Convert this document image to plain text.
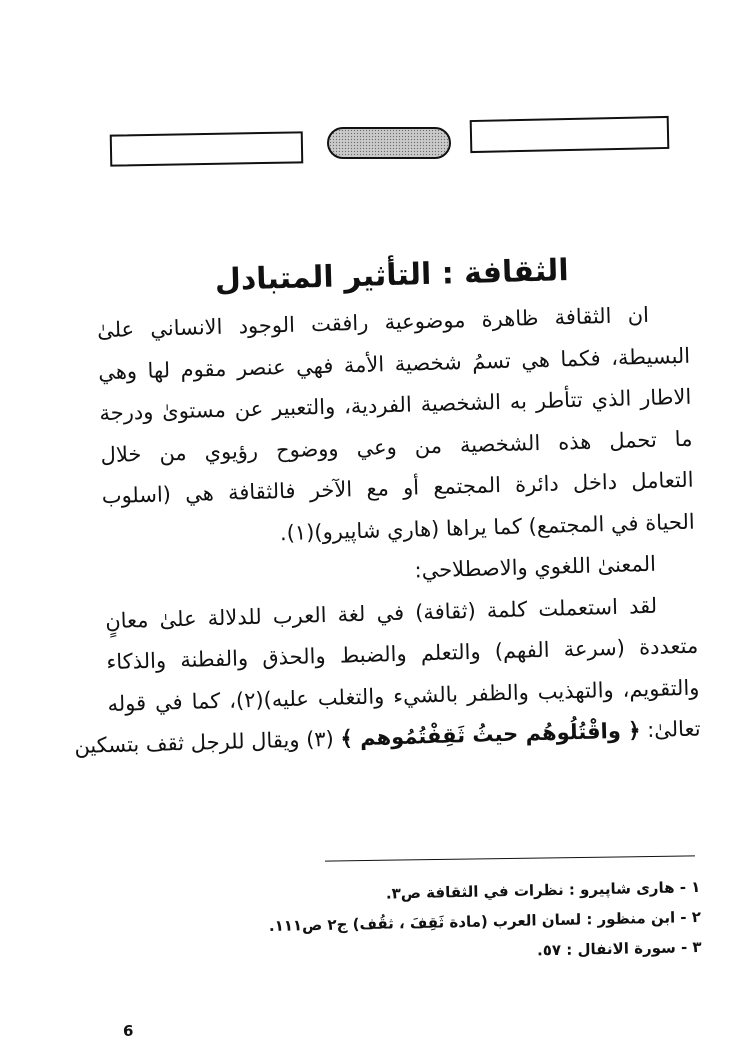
الثقافة : التأثير المتبادل

ان الثقافة ظاهرة موضوعية رافقت الوجود الانساني علىٰ

البسيطة، فكما هي تسمُ شخصية الأمة فهي عنصر مقوم لها وهي

الاطار الذي تتأطر به الشخصية الفردية، والتعبير عن مستوىٰ ودرجة

ما تحمل هذه الشخصية من وعي ووضوح رؤيوي من خلال

التعامل داخل دائرة المجتمع أو مع الآخر فالثقافة هي (اسلوب

الحياة في المجتمع) كما يراها (هاري شاپيرو)(١).

المعنىٰ اللغوي والاصطلاحي:

لقد استعملت كلمة (ثقافة) في لغة العرب للدلالة علىٰ معانٍ

متعددة (سرعة الفهم) والتعلم والضبط والحذق والفطنة والذكاء

والتقويم، والتهذيب والظفر بالشيء والتغلب عليه)(٢)، كما في قوله

تعالىٰ: ﴿ واقْتُلُوهُم حيثُ ثَقِفْتُمُوهم ﴾ (٣) ويقال للرجل ثقف بتسكين

١ - هارى شاپيرو : نظرات في الثقافة ص٣.

٢ - ابن منظور : لسان العرب (مادة ثَقِفَ ، ثقُف) ج٢ ص١١١.

٣ - سورة الانفال : ٥٧.

6
